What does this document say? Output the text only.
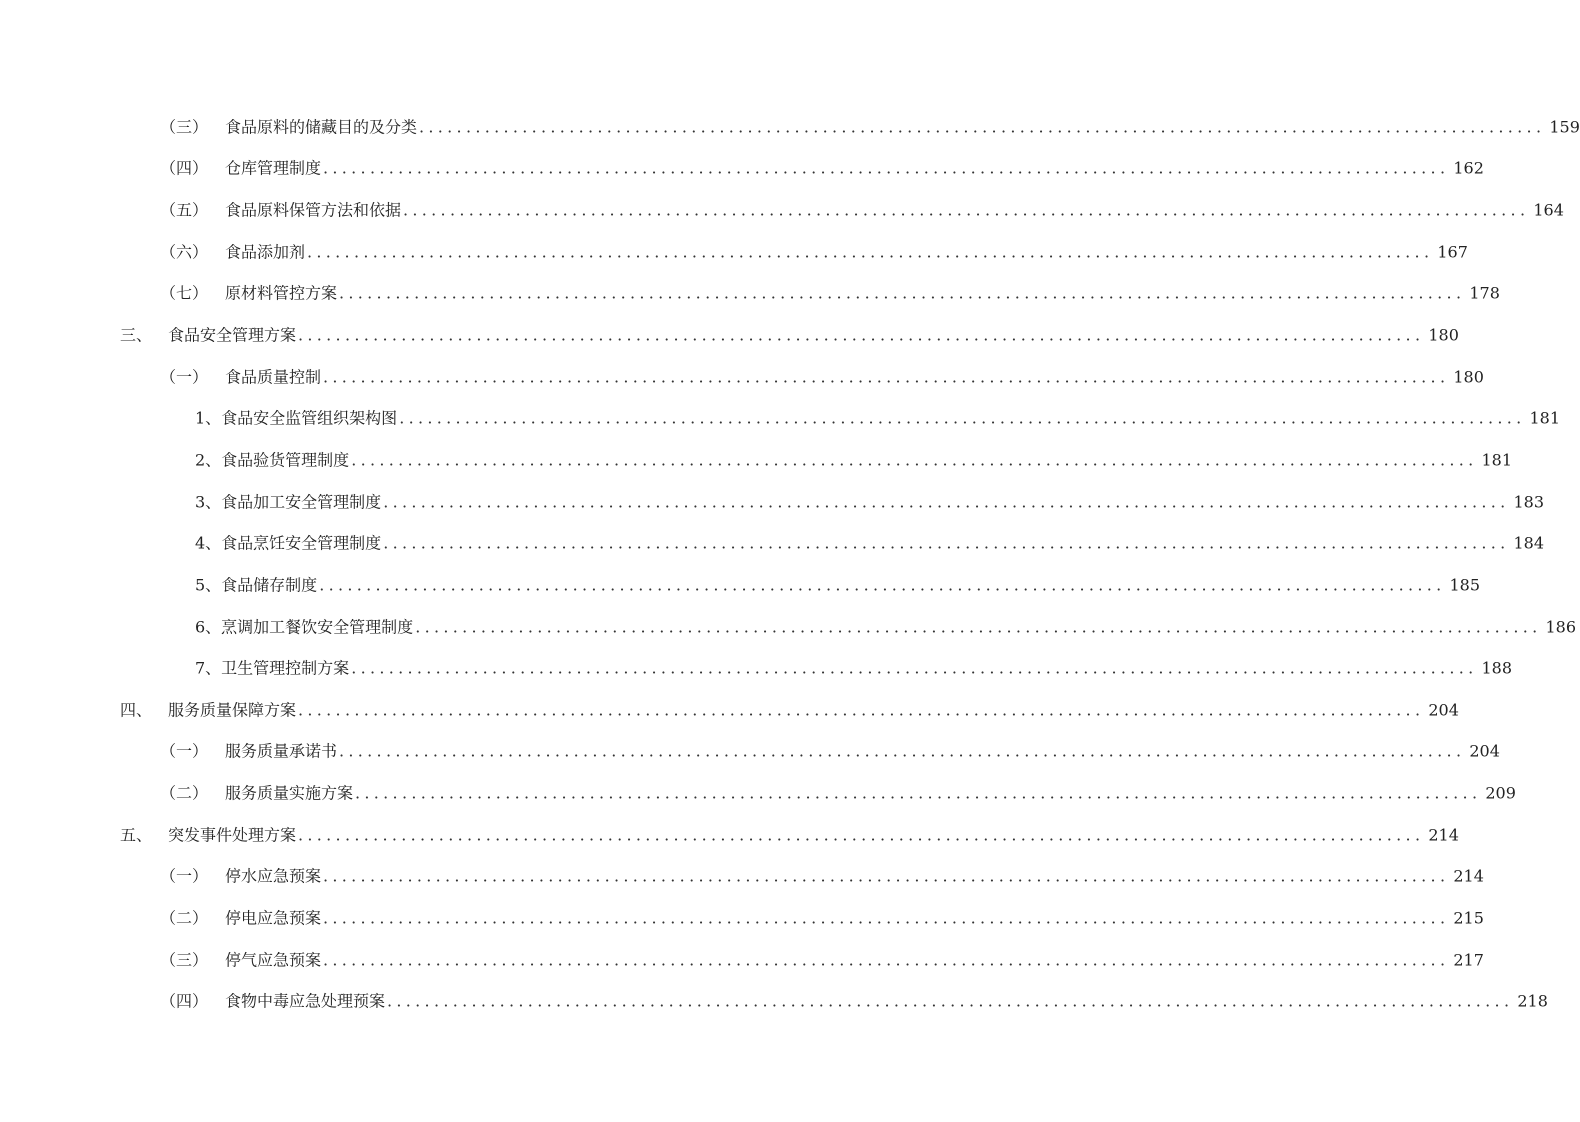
（三） 食品原料的储藏目的及分类 ........................................................................................................................ 159
（四） 仓库管理制度 ........................................................................................................................ 162
（五） 食品原料保管方法和依据 ........................................................................................................................ 164
（六） 食品添加剂 ........................................................................................................................ 167
（七） 原材料管控方案 ........................................................................................................................ 178
三、 食品安全管理方案 ........................................................................................................................ 180
（一） 食品质量控制 ........................................................................................................................ 180
1、食品安全监管组织架构图 ........................................................................................................................ 181
2、食品验货管理制度 ........................................................................................................................ 181
3、食品加工安全管理制度 ........................................................................................................................ 183
4、食品烹饪安全管理制度 ........................................................................................................................ 184
5、食品储存制度 ........................................................................................................................ 185
6、烹调加工餐饮安全管理制度 ........................................................................................................................ 186
7、卫生管理控制方案 ........................................................................................................................ 188
四、 服务质量保障方案 ........................................................................................................................ 204
（一） 服务质量承诺书 ........................................................................................................................ 204
（二） 服务质量实施方案 ........................................................................................................................ 209
五、 突发事件处理方案 ........................................................................................................................ 214
（一） 停水应急预案 ........................................................................................................................ 214
（二） 停电应急预案 ........................................................................................................................ 215
（三） 停气应急预案 ........................................................................................................................ 217
（四） 食物中毒应急处理预案 ........................................................................................................................ 218
